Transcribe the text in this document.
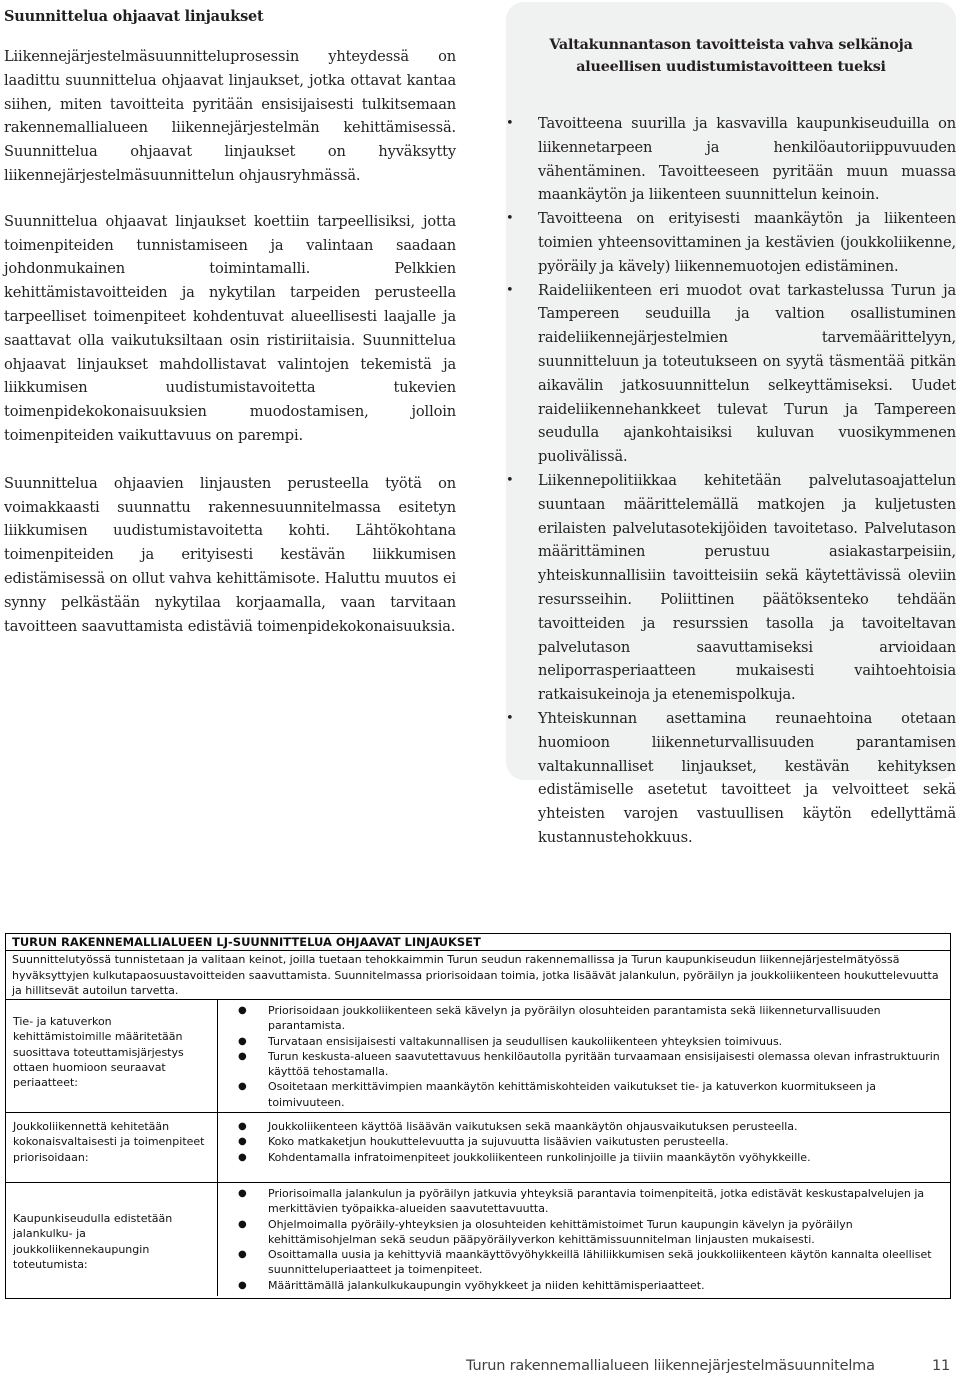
Suunnittelua ohjaavat linjaukset

Liikennejärjestelmäsuunnitteluprosessin yhteydessä on laadittu suunnittelua ohjaavat linjaukset, jotka ottavat kantaa siihen, miten tavoitteita pyritään ensisijaisesti tulkitsemaan rakennemallialueen liikennejärjestelmän kehittämisessä. Suunnittelua ohjaavat linjaukset on hyväksytty liikennejärjestelmäsuunnittelun ohjausryhmässä.

Suunnittelua ohjaavat linjaukset koettiin tarpeellisiksi, jotta toimenpiteiden tunnistamiseen ja valintaan saadaan johdonmukainen toimintamalli. Pelkkien kehittämistavoitteiden ja nykytilan tarpeiden perusteella tarpeelliset toimenpiteet kohdentuvat alueellisesti laajalle ja saattavat olla vaikutuksiltaan osin ristiriitaisia. Suunnittelua ohjaavat linjaukset mahdollistavat valintojen tekemistä ja liikkumisen uudistumistavoitetta tukevien toimenpidekokonaisuuksien muodostamisen, jolloin toimenpiteiden vaikuttavuus on parempi.

Suunnittelua ohjaavien linjausten perusteella työtä on voimakkaasti suunnattu rakennesuunnitelmassa esitetyn liikkumisen uudistumistavoitetta kohti. Lähtökohtana toimenpiteiden ja erityisesti kestävän liikkumisen edistämisessä on ollut vahva kehittämisote. Haluttu muutos ei synny pelkästään nykytilaa korjaamalla, vaan tarvitaan tavoitteen saavuttamista edistäviä toimenpidekokonaisuuksia.

Valtakunnantason tavoitteista vahva selkänoja alueellisen uudistumistavoitteen tueksi
• Tavoitteena suurilla ja kasvavilla kaupunkiseuduilla on liikennetarpeen ja henkilöautoriippuvuuden vähentäminen. Tavoitteeseen pyritään muun muassa maankäytön ja liikenteen suunnittelun keinoin.
• Tavoitteena on erityisesti maankäytön ja liikenteen toimien yhteensovittaminen ja kestävien (joukkoliikenne, pyöräily ja kävely) liikennemuotojen edistäminen.
• Raideliikenteen eri muodot ovat tarkastelussa Turun ja Tampereen seuduilla ja valtion osallistuminen raideliikennejärjestelmien tarvemäärittelyyn, suunnitteluun ja toteutukseen on syytä täsmentää pitkän aikavälin jatkosuunnittelun selkeyttämiseksi. Uudet raideliikennehankkeet tulevat Turun ja Tampereen seudulla ajankohtaisiksi kuluvan vuosikymmenen puolivälissä.
• Liikennepolitiikkaa kehitetään palvelutasoajattelun suuntaan määrittelemällä matkojen ja kuljetusten erilaisten palvelutasotekijöiden tavoitetaso. Palvelutason määrittäminen perustuu asiakastarpeisiin, yhteiskunnallisiin tavoitteisiin sekä käytettävissä oleviin resursseihin. Poliittinen päätöksenteko tehdään tavoitteiden ja resurssien tasolla ja tavoiteltavan palvelutason saavuttamiseksi arvioidaan neliporrasperiaatteen mukaisesti vaihtoehtoisia ratkaisukeinoja ja etenemispolkuja.
• Yhteiskunnan asettamina reunaehtoina otetaan huomioon liikenneturvallisuuden parantamisen valtakunnalliset linjaukset, kestävän kehityksen edistämiselle asetetut tavoitteet ja velvoitteet sekä yhteisten varojen vastuullisen käytön edellyttämä kustannustehokkuus.
TURUN RAKENNEMALLIALUEEN LJ-SUUNNITTELUA OHJAAVAT LINJAUKSET
Suunnittelutyössä tunnistetaan ja valitaan keinot, joilla tuetaan tehokkaimmin Turun seudun rakennemallissa ja Turun kaupunkiseudun liikennejärjestelmätyössä hyväksyttyjen kulkutapaosuustavoitteiden saavuttamista. Suunnitelmassa priorisoidaan toimia, jotka lisäävät jalankulun, pyöräilyn ja joukkoliikenteen houkuttelevuutta ja hillitsevät autoilun tarvetta.
Tie- ja katuverkon kehittämistoimille määritetään suosittava toteuttamisjärjestys ottaen huomioon seuraavat periaatteet:
● Priorisoidaan joukkoliikenteen sekä kävelyn ja pyöräilyn olosuhteiden parantamista sekä liikenneturvallisuuden parantamista.
● Turvataan ensisijaisesti valtakunnallisen ja seudullisen kaukoliikenteen yhteyksien toimivuus.
● Turun keskusta-alueen saavutettavuus henkilöautolla pyritään turvaamaan ensisijaisesti olemassa olevan infrastruktuurin käyttöä tehostamalla.
● Osoitetaan merkittävimpien maankäytön kehittämiskohteiden vaikutukset tie- ja katuverkon kuormitukseen ja toimivuuteen.
Joukkoliikennettä kehitetään kokonaisvaltaisesti ja toimenpiteet priorisoidaan:
● Joukkoliikenteen käyttöä lisäävän vaikutuksen sekä maankäytön ohjausvaikutuksen perusteella.
● Koko matkaketjun houkuttelevuutta ja sujuvuutta lisäävien vaikutusten perusteella.
● Kohdentamalla infratoimenpiteet joukkoliikenteen runkolinjoille ja tiiviin maankäytön vyöhykkeille.
Kaupunkiseudulla edistetään jalankulku- ja joukkoliikennekaupungin toteutumista:
● Priorisoimalla jalankulun ja pyöräilyn jatkuvia yhteyksiä parantavia toimenpiteitä, jotka edistävät keskustapalvelujen ja merkittävien työpaikka-alueiden saavutettavuutta.
● Ohjelmoimalla pyöräily-yhteyksien ja olosuhteiden kehittämistoimet Turun kaupungin kävelyn ja pyöräilyn kehittämisohjelman sekä seudun pääpyöräilyverkon kehittämissuunnitelman linjausten mukaisesti.
● Osoittamalla uusia ja kehittyviä maankäyttövyöhykkeillä lähiliikkumisen sekä joukkoliikenteen käytön kannalta oleelliset suunnitteluperiaatteet ja toimenpiteet.
● Määrittämällä jalankulkukaupungin vyöhykkeet ja niiden kehittämisperiaatteet.
Turun rakennemallialueen liikennejärjestelmäsuunnitelma	11
